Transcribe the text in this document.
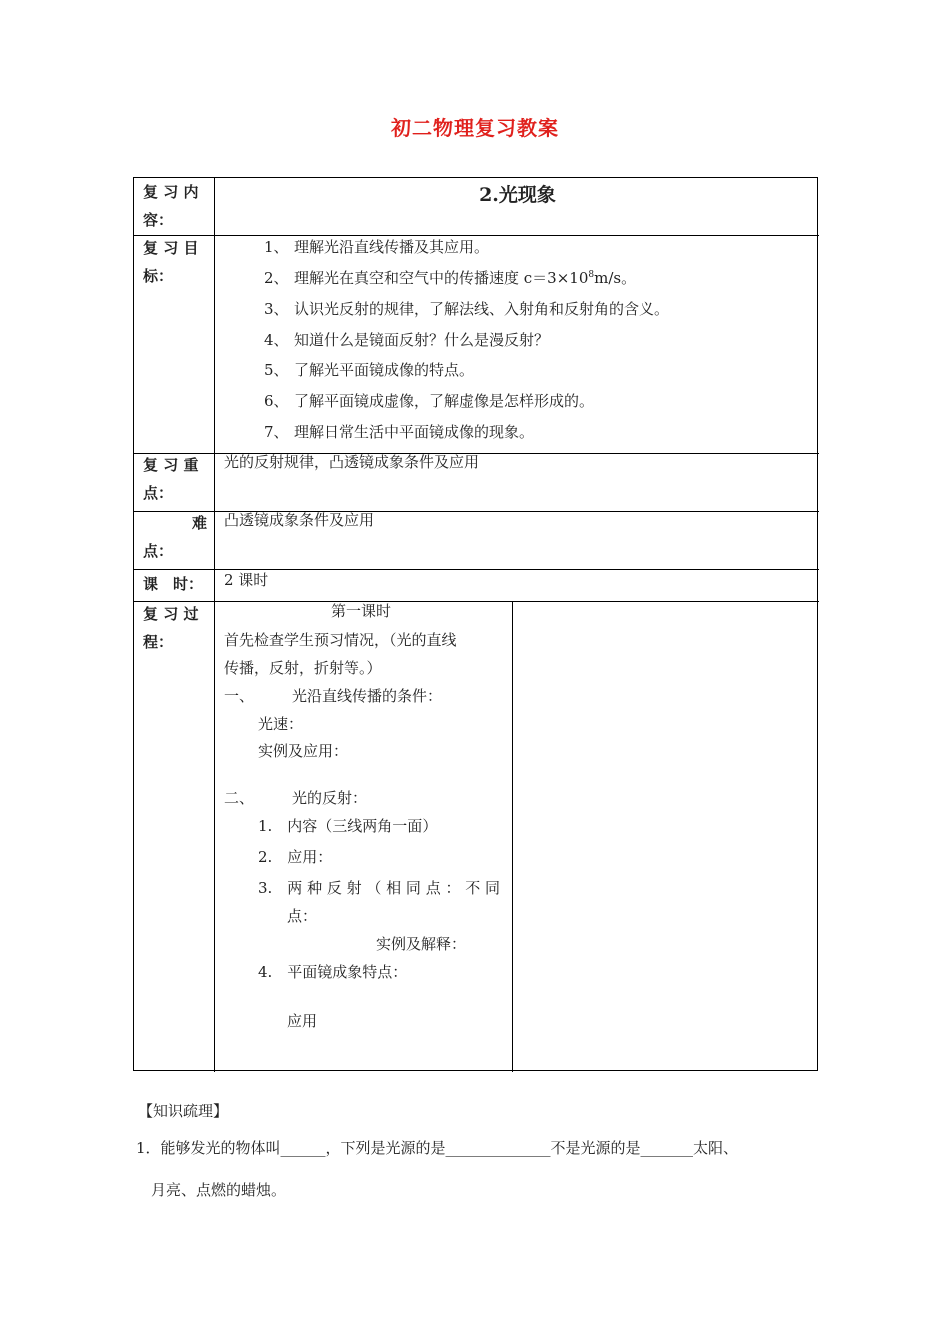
初二物理复习教案
复 习 内
容：
2.光现象
复 习 目
标：
1、 理解光沿直线传播及其应用。
2、 理解光在真空和空气中的传播速度 $c=3\times 10^8m/s$。
3、 认识光反射的规律，了解法线、入射角和反射角的含义。
4、 知道什么是镜面反射？什么是漫反射？
5、 了解光平面镜成像的特点。
6、 了解平面镜成虚像，了解虚像是怎样形成的。
7、 理解日常生活中平面镜成像的现象。
复 习 重
点：
光的反射规律，凸透镜成象条件及应用
难
点：
凸透镜成象条件及应用
课　时： 2 课时
复 习 过
程：
第一课时
首先检查学生预习情况，（光的直线
传播，反射，折射等。）
一、	光沿直线传播的条件：
光速：
实例及应用：
二、	光的反射：
1.　内容（三线两角一面）
2.　应用：
3.　两 种 反 射 （ 相 同 点 ： 不 同
点：
实例及解释：
4.　平面镜成象特点：
应用
【知识疏理】
1．能够发光的物体叫______，下列是光源的是______________不是光源的是_______太阳、
月亮、点燃的蜡烛。
